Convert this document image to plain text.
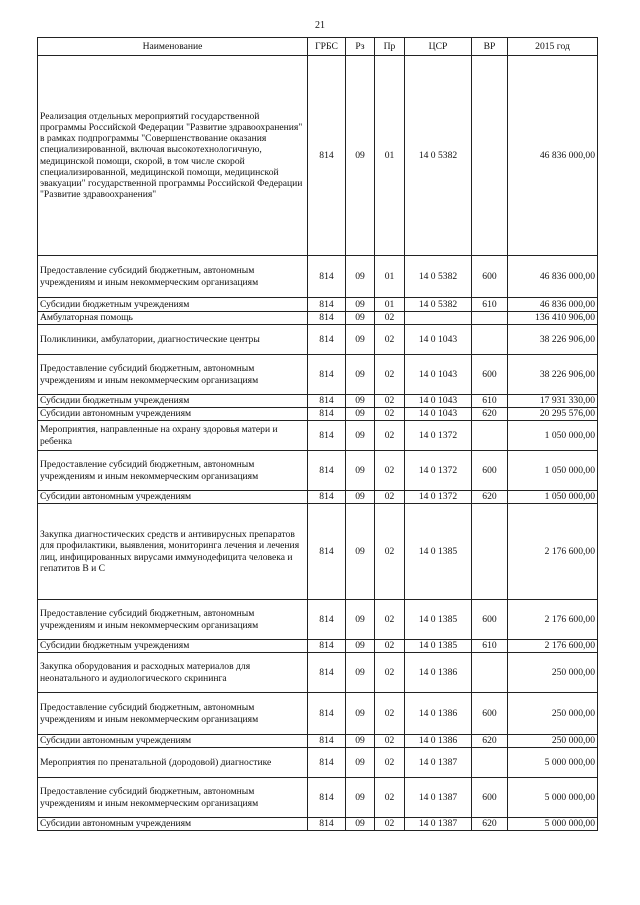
21
Наименование	ГРБС	Рз	Пр	ЦСР	ВР	2015 год
Реализация отдельных мероприятий государственной программы Российской Федерации "Развитие здравоохранения" в рамках подпрограммы "Совершенствование оказания специализированной, включая высокотехнологичную, медицинской помощи, скорой, в том числе скорой специализированной, медицинской помощи, медицинской эвакуации" государственной программы Российской Федерации "Развитие здравоохранения"	814	09	01	14 0 5382		46 836 000,00
Предоставление субсидий бюджетным, автономным учреждениям и иным некоммерческим организациям	814	09	01	14 0 5382	600	46 836 000,00
Субсидии бюджетным учреждениям	814	09	01	14 0 5382	610	46 836 000,00
Амбулаторная помощь	814	09	02			136 410 906,00
Поликлиники, амбулатории, диагностические центры	814	09	02	14 0 1043		38 226 906,00
Предоставление субсидий бюджетным, автономным учреждениям и иным некоммерческим организациям	814	09	02	14 0 1043	600	38 226 906,00
Субсидии бюджетным учреждениям	814	09	02	14 0 1043	610	17 931 330,00
Субсидии автономным учреждениям	814	09	02	14 0 1043	620	20 295 576,00
Мероприятия, направленные на охрану здоровья матери и ребенка	814	09	02	14 0 1372		1 050 000,00
Предоставление субсидий бюджетным, автономным учреждениям и иным некоммерческим организациям	814	09	02	14 0 1372	600	1 050 000,00
Субсидии автономным учреждениям	814	09	02	14 0 1372	620	1 050 000,00
Закупка диагностических средств и антивирусных препаратов для профилактики, выявления, мониторинга лечения и лечения лиц, инфицированных вирусами иммунодефицита человека и гепатитов В и С	814	09	02	14 0 1385		2 176 600,00
Предоставление субсидий бюджетным, автономным учреждениям и иным некоммерческим организациям	814	09	02	14 0 1385	600	2 176 600,00
Субсидии бюджетным учреждениям	814	09	02	14 0 1385	610	2 176 600,00
Закупка оборудования и расходных материалов для неонатального и аудиологического скрининга	814	09	02	14 0 1386		250 000,00
Предоставление субсидий бюджетным, автономным учреждениям и иным некоммерческим организациям	814	09	02	14 0 1386	600	250 000,00
Субсидии автономным учреждениям	814	09	02	14 0 1386	620	250 000,00
Мероприятия по пренатальной (дородовой) диагностике	814	09	02	14 0 1387		5 000 000,00
Предоставление субсидий бюджетным, автономным учреждениям и иным некоммерческим организациям	814	09	02	14 0 1387	600	5 000 000,00
Субсидии автономным учреждениям	814	09	02	14 0 1387	620	5 000 000,00
